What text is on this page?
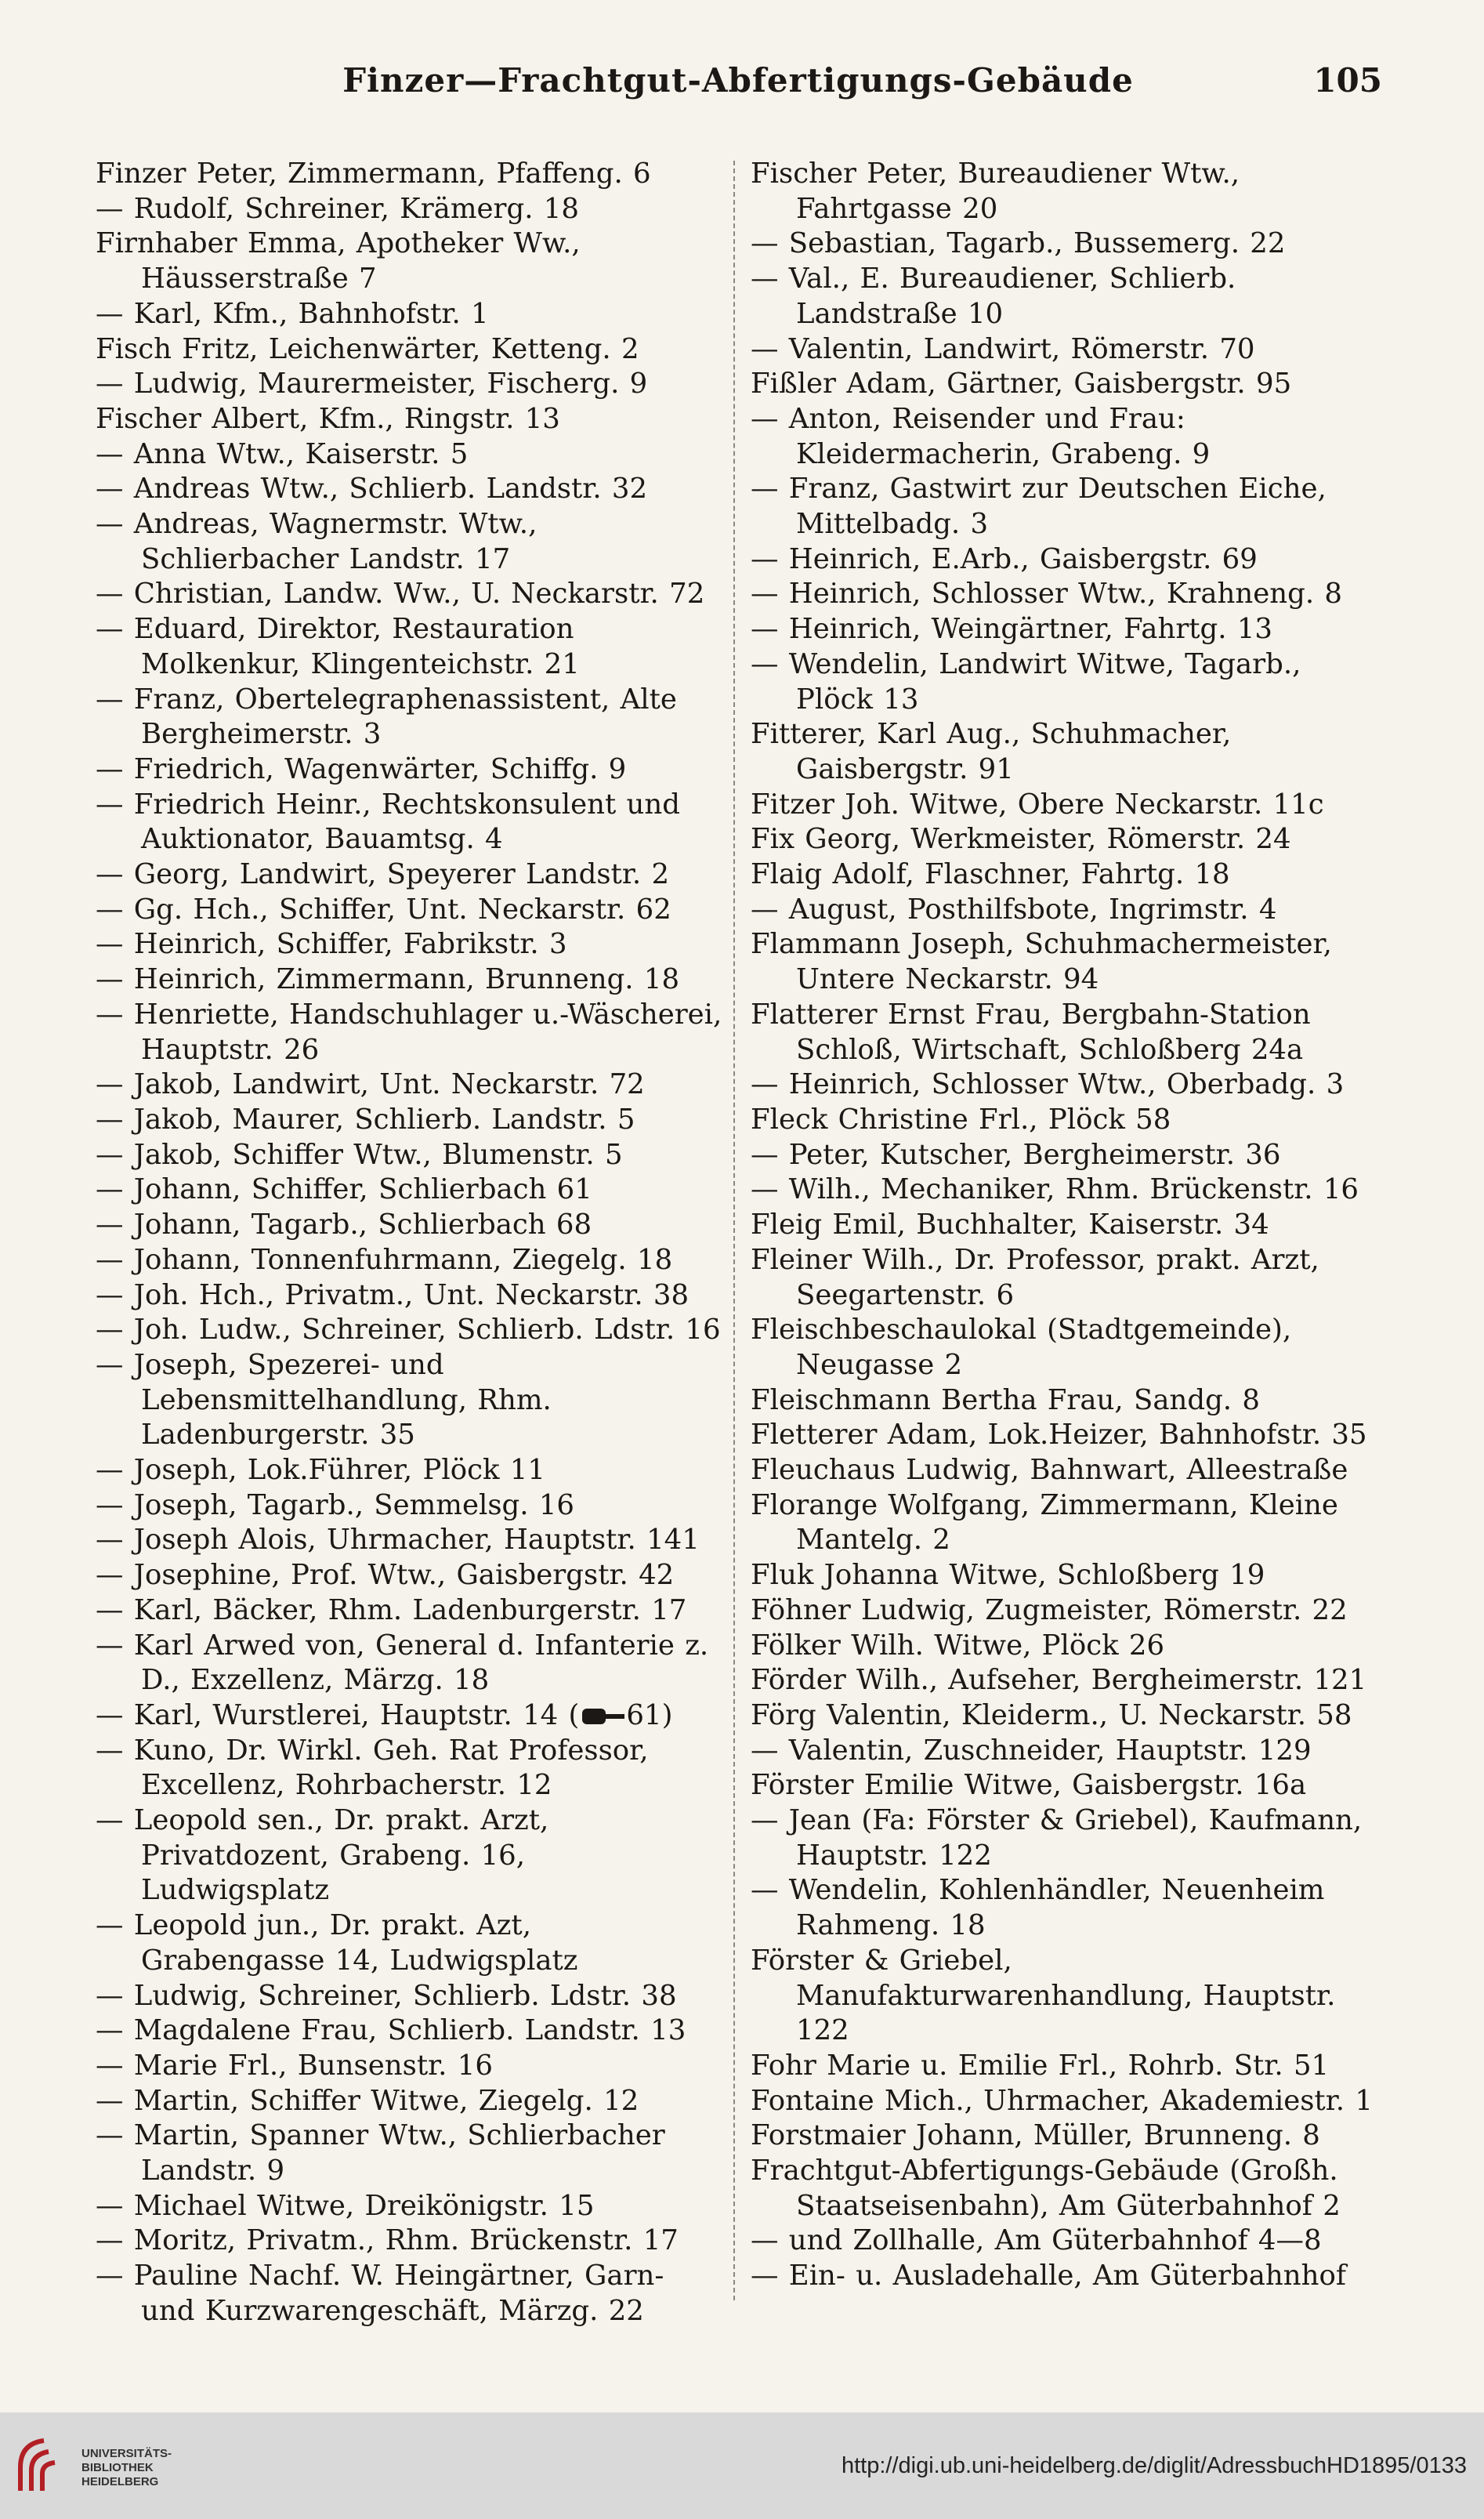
Finzer—Frachtgut-Abfertigungs-Gebäude	105
Finzer Peter, Zimmermann, Pfaffeng. 6
— Rudolf, Schreiner, Krämerg. 18
Firnhaber Emma, Apotheker Ww., Häusserstraße 7
— Karl, Kfm., Bahnhofstr. 1
Fisch Fritz, Leichenwärter, Ketteng. 2
— Ludwig, Maurermeister, Fischerg. 9
Fischer Albert, Kfm., Ringstr. 13
— Anna Wtw., Kaiserstr. 5
— Andreas Wtw., Schlierb. Landstr. 32
— Andreas, Wagnermstr. Wtw., Schlierbacher Landstr. 17
— Christian, Landw. Ww., U. Neckarstr. 72
— Eduard, Direktor, Restauration Molkenkur, Klingenteichstr. 21
— Franz, Obertelegraphenassistent, Alte Bergheimerstr. 3
— Friedrich, Wagenwärter, Schiffg. 9
— Friedrich Heinr., Rechtskonsulent und Auktionator, Bauamtsg. 4
— Georg, Landwirt, Speyerer Landstr. 2
— Gg. Hch., Schiffer, Unt. Neckarstr. 62
— Heinrich, Schiffer, Fabrikstr. 3
— Heinrich, Zimmermann, Brunneng. 18
— Henriette, Handschuhlager u.-Wäscherei, Hauptstr. 26
— Jakob, Landwirt, Unt. Neckarstr. 72
— Jakob, Maurer, Schlierb. Landstr. 5
— Jakob, Schiffer Wtw., Blumenstr. 5
— Johann, Schiffer, Schlierbach 61
— Johann, Tagarb., Schlierbach 68
— Johann, Tonnenfuhrmann, Ziegelg. 18
— Joh. Hch., Privatm., Unt. Neckarstr. 38
— Joh. Ludw., Schreiner, Schlierb. Ldstr. 16
— Joseph, Spezerei- und Lebensmittelhandlung, Rhm. Ladenburgerstr. 35
— Joseph, Lok.Führer, Plöck 11
— Joseph, Tagarb., Semmelsg. 16
— Joseph Alois, Uhrmacher, Hauptstr. 141
— Josephine, Prof. Wtw., Gaisbergstr. 42
— Karl, Bäcker, Rhm. Ladenburgerstr. 17
— Karl Arwed von, General d. Infanterie z. D., Exzellenz, Märzg. 18
— Karl, Wurstlerei, Hauptstr. 14 ( 61)
— Kuno, Dr. Wirkl. Geh. Rat Professor, Excellenz, Rohrbacherstr. 12
— Leopold sen., Dr. prakt. Arzt, Privatdozent, Grabeng. 16, Ludwigsplatz
— Leopold jun., Dr. prakt. Azt, Grabengasse 14, Ludwigsplatz
— Ludwig, Schreiner, Schlierb. Ldstr. 38
— Magdalene Frau, Schlierb. Landstr. 13
— Marie Frl., Bunsenstr. 16
— Martin, Schiffer Witwe, Ziegelg. 12
— Martin, Spanner Wtw., Schlierbacher Landstr. 9
— Michael Witwe, Dreikönigstr. 15
— Moritz, Privatm., Rhm. Brückenstr. 17
— Pauline Nachf. W. Heingärtner, Garn- und Kurzwarengeschäft, Märzg. 22
Fischer Peter, Bureaudiener Wtw., Fahrtgasse 20
— Sebastian, Tagarb., Bussemerg. 22
— Val., E. Bureaudiener, Schlierb. Landstraße 10
— Valentin, Landwirt, Römerstr. 70
Fißler Adam, Gärtner, Gaisbergstr. 95
— Anton, Reisender und Frau: Kleidermacherin, Grabeng. 9
— Franz, Gastwirt zur Deutschen Eiche, Mittelbadg. 3
— Heinrich, E.Arb., Gaisbergstr. 69
— Heinrich, Schlosser Wtw., Krahneng. 8
— Heinrich, Weingärtner, Fahrtg. 13
— Wendelin, Landwirt Witwe, Tagarb., Plöck 13
Fitterer, Karl Aug., Schuhmacher, Gaisbergstr. 91
Fitzer Joh. Witwe, Obere Neckarstr. 11c
Fix Georg, Werkmeister, Römerstr. 24
Flaig Adolf, Flaschner, Fahrtg. 18
— August, Posthilfsbote, Ingrimstr. 4
Flammann Joseph, Schuhmachermeister, Untere Neckarstr. 94
Flatterer Ernst Frau, Bergbahn-Station Schloß, Wirtschaft, Schloßberg 24a
— Heinrich, Schlosser Wtw., Oberbadg. 3
Fleck Christine Frl., Plöck 58
— Peter, Kutscher, Bergheimerstr. 36
— Wilh., Mechaniker, Rhm. Brückenstr. 16
Fleig Emil, Buchhalter, Kaiserstr. 34
Fleiner Wilh., Dr. Professor, prakt. Arzt, Seegartenstr. 6
Fleischbeschaulokal (Stadtgemeinde), Neugasse 2
Fleischmann Bertha Frau, Sandg. 8
Fletterer Adam, Lok.Heizer, Bahnhofstr. 35
Fleuchaus Ludwig, Bahnwart, Alleestraße
Florange Wolfgang, Zimmermann, Kleine Mantelg. 2
Fluk Johanna Witwe, Schloßberg 19
Föhner Ludwig, Zugmeister, Römerstr. 22
Fölker Wilh. Witwe, Plöck 26
Förder Wilh., Aufseher, Bergheimerstr. 121
Förg Valentin, Kleiderm., U. Neckarstr. 58
— Valentin, Zuschneider, Hauptstr. 129
Förster Emilie Witwe, Gaisbergstr. 16a
— Jean (Fa: Förster & Griebel), Kaufmann, Hauptstr. 122
— Wendelin, Kohlenhändler, Neuenheim Rahmeng. 18
Förster & Griebel, Manufakturwarenhandlung, Hauptstr. 122
Fohr Marie u. Emilie Frl., Rohrb. Str. 51
Fontaine Mich., Uhrmacher, Akademiestr. 1
Forstmaier Johann, Müller, Brunneng. 8
Frachtgut-Abfertigungs-Gebäude (Großh. Staatseisenbahn), Am Güterbahnhof 2
— und Zollhalle, Am Güterbahnhof 4—8
— Ein- u. Ausladehalle, Am Güterbahnhof
UNIVERSITÄTS-
BIBLIOTHEK
HEIDELBERG
http://digi.ub.uni-heidelberg.de/diglit/AdressbuchHD1895/0133
